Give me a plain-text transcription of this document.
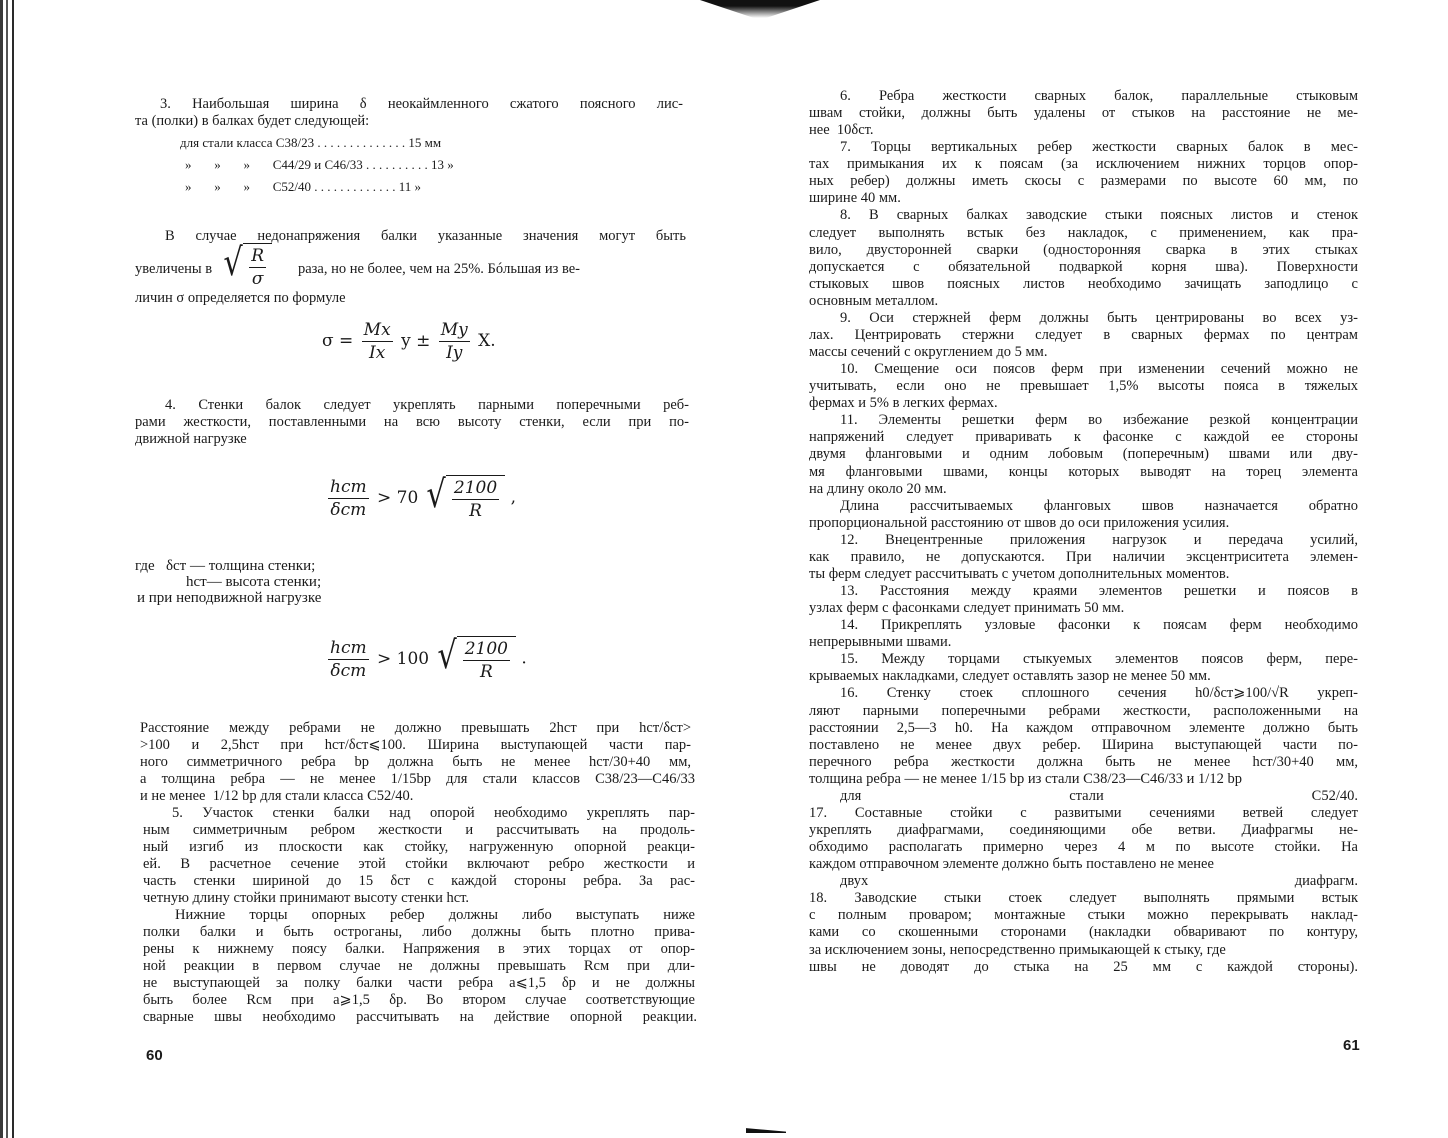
3. Наибольшая ширина δ неокаймленного сжатого поясного лис-

та (полки) в балках будет следующей:

для стали класса С38/23 . . . . . . . . . . . . . . 15 мм

»       »       »       С44/29 и С46/33 . . . . . . . . . . 13 »

»       »       »       С52/40 . . . . . . . . . . . . . 11 »

В случае недонапряжения балки указанные значения могут быть

увеличены в √ $\frac{R}{\sigma}$ раза, но не более, чем на 25%. Бóльшая из ве-

личин σ определяется по формуле

$\sigma = \frac{Mx}{Ix}$ $y \pm \frac{My}{Iy} X$.

4. Стенки балок следует укреплять парными поперечными реб-

рами жесткости, поставленными на всю высоту стенки, если при по-

движной нагрузке

$\frac{\text{hст}}{\text{δст}} > 70$ √ $\frac{2100}{R}$ ,

где   δст — толщина стенки;

hст— высота стенки;

и при неподвижной нагрузке

$\frac{\text{hст}}{\text{δст}} > 100$ √ $\frac{2100}{R}$ .

Расстояние между ребрами не должно превышать 2hст при hст/δст>

>100 и 2,5hст при hст/δст⩽100. Ширина выступающей части пар-

ного симметричного ребра bр должна быть не менее hст/30+40 мм,

а толщина ребра — не менее 1/15bр для стали классов С38/23—С46/33

и не менее  1/12 bр для стали класса С52/40.

5. Участок стенки балки над опорой необходимо укреплять пар-

ным симметричным ребром жесткости и рассчитывать на продоль-

ный изгиб из плоскости как стойку, нагруженную опорной реакци-

ей. В расчетное сечение этой стойки включают ребро жесткости и

часть стенки шириной до 15 δст с каждой стороны ребра. За рас-

четную длину стойки принимают высоту стенки hст.

Нижние торцы опорных ребер должны либо выступать ниже

полки балки и быть остроганы, либо должны быть плотно прива-

рены к нижнему поясу балки. Напряжения в этих торцах от опор-

ной реакции в первом случае не должны превышать Rсм при дли-

не выступающей за полку балки части ребра a⩽1,5 δр и не должны

быть более Rсм при a⩾1,5 δр. Во втором случае соответствующие

сварные швы необходимо рассчитывать на действие опорной реакции.

60

6. Ребра жесткости сварных балок, параллельные стыковым

швам стойки, должны быть удалены от стыков на расстояние не ме-

нее  10δст.

7. Торцы вертикальных ребер жесткости сварных балок в мес-

тах примыкания их к поясам (за исключением нижних торцов опор-

ных ребер) должны иметь скосы с размерами по высоте 60 мм, по

ширине 40 мм.

8. В сварных балках заводские стыки поясных листов и стенок

следует выполнять встык без накладок, с применением, как пра-

вило, двусторонней сварки (односторонняя сварка в этих стыках

допускается с обязательной подваркой корня шва). Поверхности

стыковых швов поясных листов необходимо зачищать заподлицо с

основным металлом.

9. Оси стержней ферм должны быть центрированы во всех уз-

лах. Центрировать стержни следует в сварных фермах по центрам

массы сечений с округлением до 5 мм.

10. Смещение оси поясов ферм при изменении сечений можно не

учитывать, если оно не превышает 1,5% высоты пояса в тяжелых

фермах и 5% в легких фермах.

11. Элементы решетки ферм во избежание резкой концентрации

напряжений следует приваривать к фасонке с каждой ее стороны

двумя фланговыми и одним лобовым (поперечным) швами или дву-

мя фланговыми швами, концы которых выводят на торец элемента

на длину около 20 мм.

Длина рассчитываемых фланговых швов назначается обратно

пропорциональной расстоянию от швов до оси приложения усилия.

12. Внецентренные приложения нагрузок и передача усилий,

как правило, не допускаются. При наличии эксцентриситета элемен-

ты ферм следует рассчитывать с учетом дополнительных моментов.

13. Расстояния между краями элементов решетки и поясов в

узлах ферм с фасонками следует принимать 50 мм.

14. Прикреплять узловые фасонки к поясам ферм необходимо

непрерывными швами.

15. Между торцами стыкуемых элементов поясов ферм, пере-

крываемых накладками, следует оставлять зазор не менее 50 мм.

16. Стенку стоек сплошного сечения h0/δст⩾100/√R укреп-

ляют парными поперечными ребрами жесткости, расположенными на

расстоянии 2,5—3 h0. На каждом отправочном элементе должно быть

поставлено не менее двух ребер. Ширина выступающей части по-

перечного ребра жесткости должна быть не менее hст/30+40 мм,

толщина ребра — не менее 1/15 bр из стали С38/23—С46/33 и 1/12 bр

для стали С52/40.

17. Составные стойки с развитыми сечениями ветвей следует

укреплять диафрагмами, соединяющими обе ветви. Диафрагмы не-

обходимо располагать примерно через 4 м по высоте стойки. На

каждом отправочном элементе должно быть поставлено не менее

двух диафрагм.

18. Заводские стыки стоек следует выполнять прямыми встык

с полным проваром; монтажные стыки можно перекрывать наклад-

ками со скошенными сторонами (накладки обваривают по контуру,

за исключением зоны, непосредственно примыкающей к стыку, где

швы не доводят до стыка на 25 мм с каждой стороны).

61
